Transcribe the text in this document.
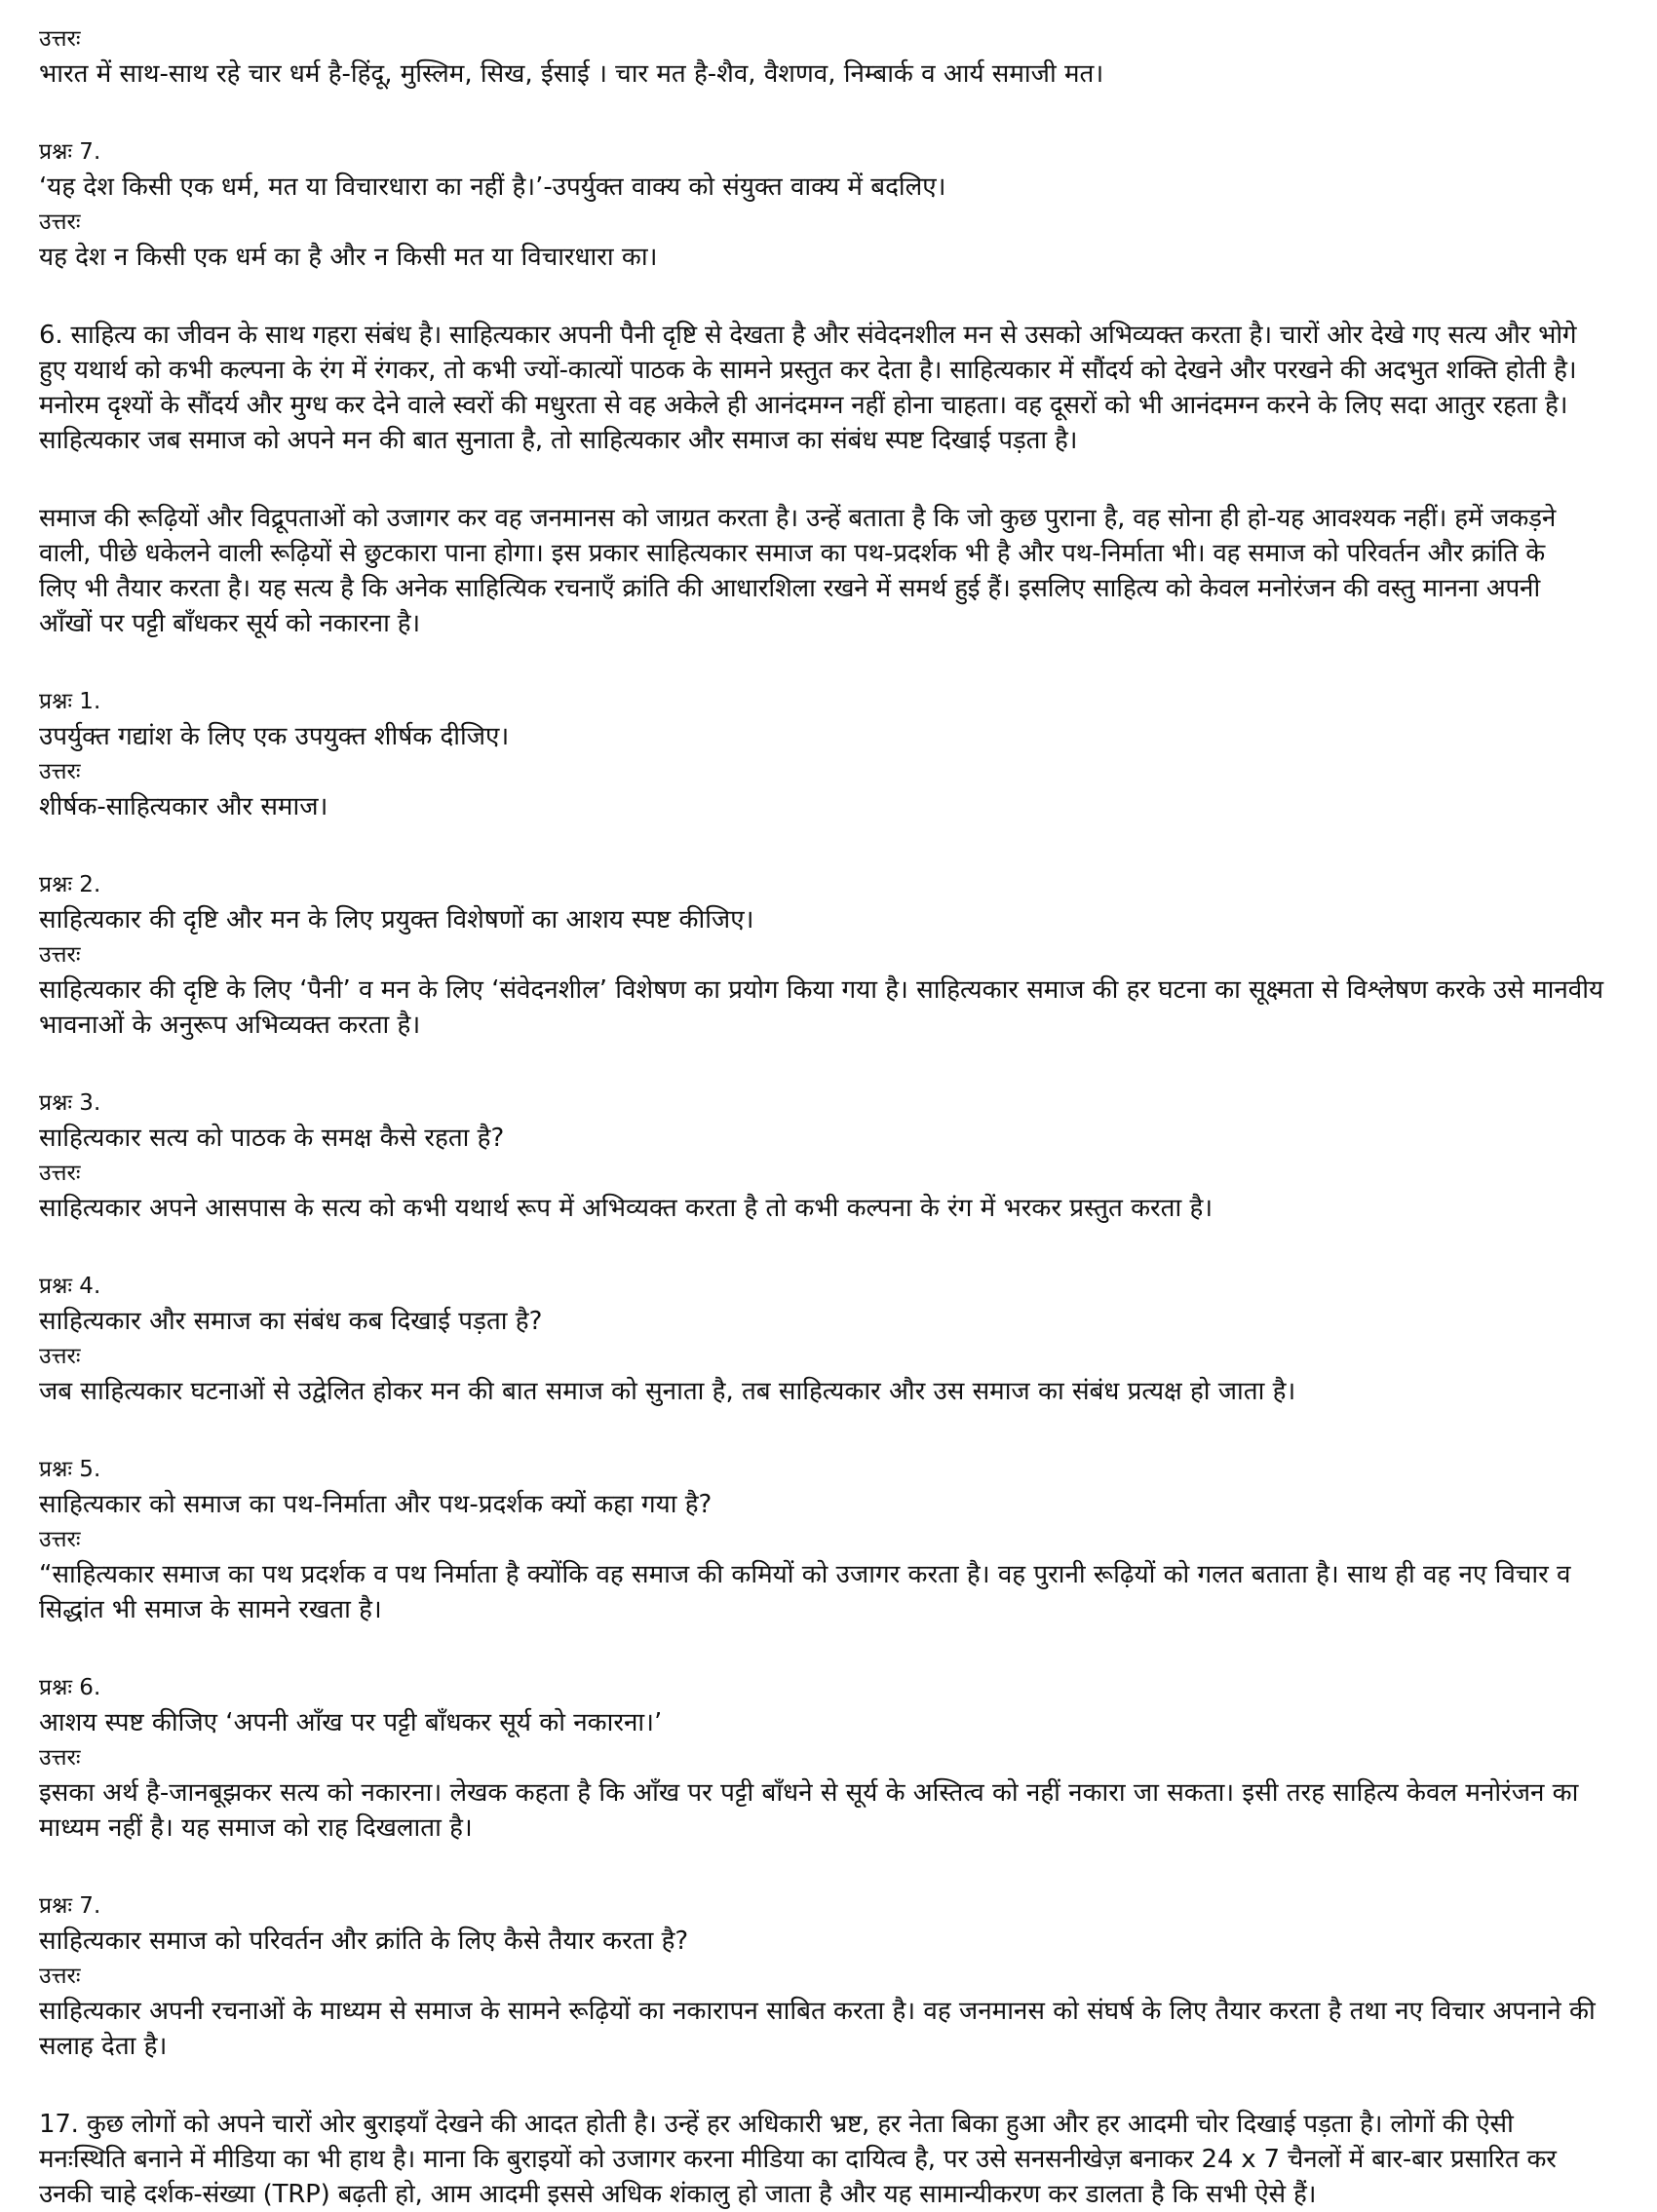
उत्तरः
भारत में साथ-साथ रहे चार धर्म है-हिंदू, मुस्लिम, सिख, ईसाई । चार मत है-शैव, वैशणव, निम्बार्क व आर्य समाजी मत।
प्रश्नः 7.
‘यह देश किसी एक धर्म, मत या विचारधारा का नहीं है।’-उपर्युक्त वाक्य को संयुक्त वाक्य में बदलिए।
उत्तरः
यह देश न किसी एक धर्म का है और न किसी मत या विचारधारा का।
6. साहित्य का जीवन के साथ गहरा संबंध है। साहित्यकार अपनी पैनी दृष्टि से देखता है और संवेदनशील मन से उसको अभिव्यक्त करता है। चारों ओर देखे गए सत्य और भोगे
हुए यथार्थ को कभी कल्पना के रंग में रंगकर, तो कभी ज्यों-कात्यों पाठक के सामने प्रस्तुत कर देता है। साहित्यकार में सौंदर्य को देखने और परखने की अदभुत शक्ति होती है।
मनोरम दृश्यों के सौंदर्य और मुग्ध कर देने वाले स्वरों की मधुरता से वह अकेले ही आनंदमग्न नहीं होना चाहता। वह दूसरों को भी आनंदमग्न करने के लिए सदा आतुर रहता है।
साहित्यकार जब समाज को अपने मन की बात सुनाता है, तो साहित्यकार और समाज का संबंध स्पष्ट दिखाई पड़ता है।
समाज की रूढ़ियों और विद्रूपताओं को उजागर कर वह जनमानस को जाग्रत करता है। उन्हें बताता है कि जो कुछ पुराना है, वह सोना ही हो-यह आवश्यक नहीं। हमें जकड़ने
वाली, पीछे धकेलने वाली रूढ़ियों से छुटकारा पाना होगा। इस प्रकार साहित्यकार समाज का पथ-प्रदर्शक भी है और पथ-निर्माता भी। वह समाज को परिवर्तन और क्रांति के
लिए भी तैयार करता है। यह सत्य है कि अनेक साहित्यिक रचनाएँ क्रांति की आधारशिला रखने में समर्थ हुई हैं। इसलिए साहित्य को केवल मनोरंजन की वस्तु मानना अपनी
आँखों पर पट्टी बाँधकर सूर्य को नकारना है।
प्रश्नः 1.
उपर्युक्त गद्यांश के लिए एक उपयुक्त शीर्षक दीजिए।
उत्तरः
शीर्षक-साहित्यकार और समाज।
प्रश्नः 2.
साहित्यकार की दृष्टि और मन के लिए प्रयुक्त विशेषणों का आशय स्पष्ट कीजिए।
उत्तरः
साहित्यकार की दृष्टि के लिए ‘पैनी’ व मन के लिए ‘संवेदनशील’ विशेषण का प्रयोग किया गया है। साहित्यकार समाज की हर घटना का सूक्ष्मता से विश्लेषण करके उसे मानवीय
भावनाओं के अनुरूप अभिव्यक्त करता है।
प्रश्नः 3.
साहित्यकार सत्य को पाठक के समक्ष कैसे रहता है?
उत्तरः
साहित्यकार अपने आसपास के सत्य को कभी यथार्थ रूप में अभिव्यक्त करता है तो कभी कल्पना के रंग में भरकर प्रस्तुत करता है।
प्रश्नः 4.
साहित्यकार और समाज का संबंध कब दिखाई पड़ता है?
उत्तरः
जब साहित्यकार घटनाओं से उद्वेलित होकर मन की बात समाज को सुनाता है, तब साहित्यकार और उस समाज का संबंध प्रत्यक्ष हो जाता है।
प्रश्नः 5.
साहित्यकार को समाज का पथ-निर्माता और पथ-प्रदर्शक क्यों कहा गया है?
उत्तरः
“साहित्यकार समाज का पथ प्रदर्शक व पथ निर्माता है क्योंकि वह समाज की कमियों को उजागर करता है। वह पुरानी रूढ़ियों को गलत बताता है। साथ ही वह नए विचार व
सिद्धांत भी समाज के सामने रखता है।
प्रश्नः 6.
आशय स्पष्ट कीजिए ‘अपनी आँख पर पट्टी बाँधकर सूर्य को नकारना।’
उत्तरः
इसका अर्थ है-जानबूझकर सत्य को नकारना। लेखक कहता है कि आँख पर पट्टी बाँधने से सूर्य के अस्तित्व को नहीं नकारा जा सकता। इसी तरह साहित्य केवल मनोरंजन का
माध्यम नहीं है। यह समाज को राह दिखलाता है।
प्रश्नः 7.
साहित्यकार समाज को परिवर्तन और क्रांति के लिए कैसे तैयार करता है?
उत्तरः
साहित्यकार अपनी रचनाओं के माध्यम से समाज के सामने रूढ़ियों का नकारापन साबित करता है। वह जनमानस को संघर्ष के लिए तैयार करता है तथा नए विचार अपनाने की
सलाह देता है।
17. कुछ लोगों को अपने चारों ओर बुराइयाँ देखने की आदत होती है। उन्हें हर अधिकारी भ्रष्ट, हर नेता बिका हुआ और हर आदमी चोर दिखाई पड़ता है। लोगों की ऐसी
मनःस्थिति बनाने में मीडिया का भी हाथ है। माना कि बुराइयों को उजागर करना मीडिया का दायित्व है, पर उसे सनसनीखेज़ बनाकर 24 x 7 चैनलों में बार-बार प्रसारित कर
उनकी चाहे दर्शक-संख्या (TRP) बढ़ती हो, आम आदमी इससे अधिक शंकालु हो जाता है और यह सामान्यीकरण कर डालता है कि सभी ऐसे हैं।
